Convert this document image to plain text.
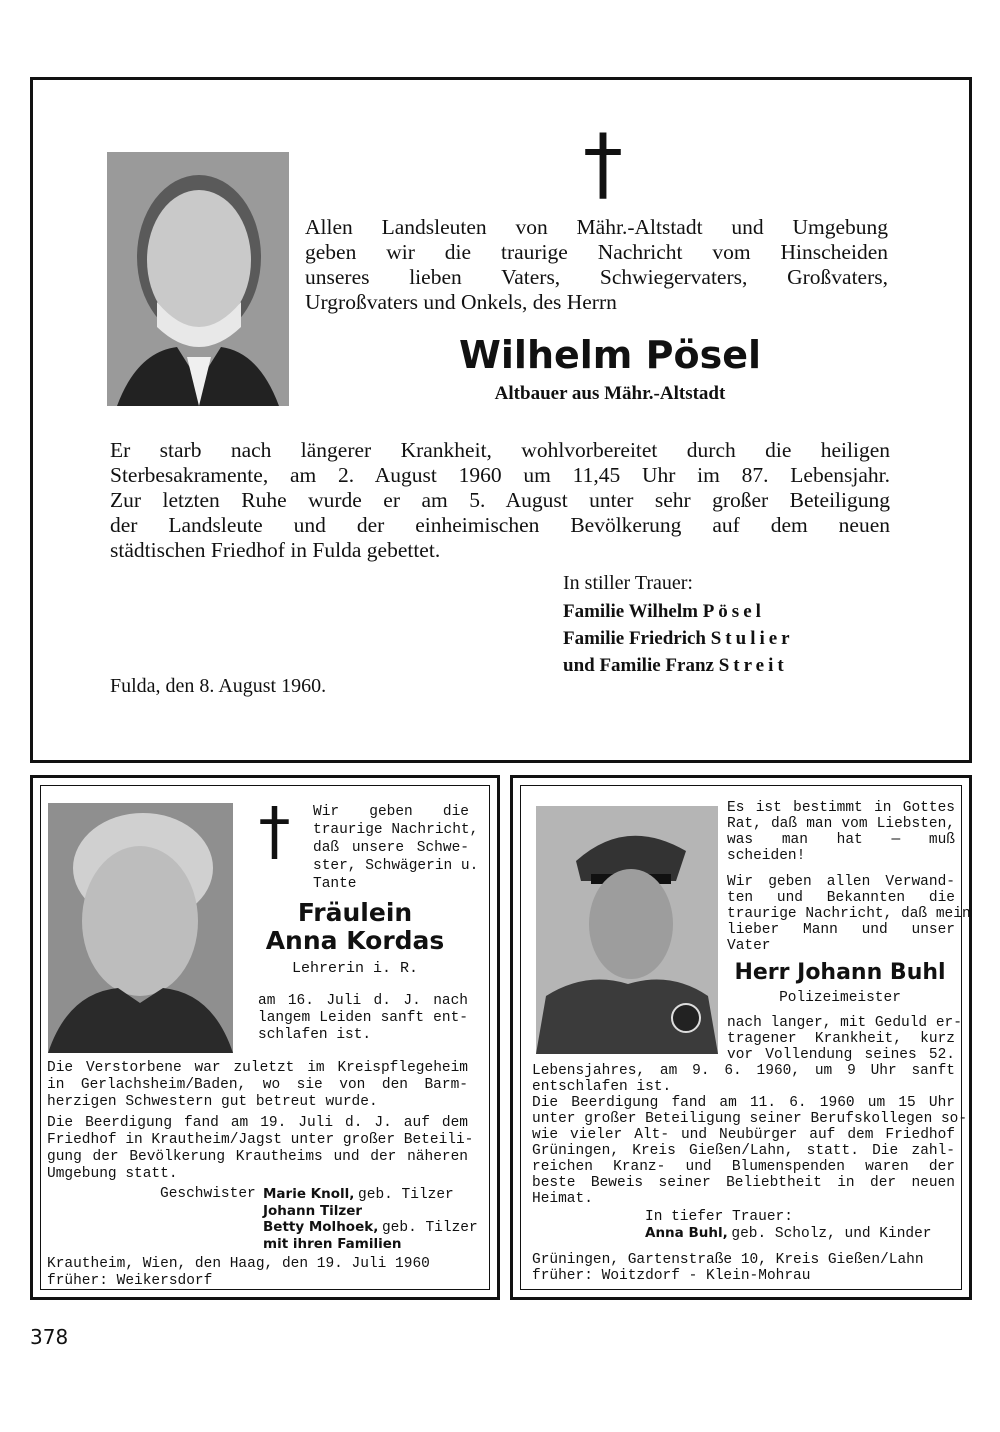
†
Allen Landsleuten von Mähr.-Altstadt und Umgebung
geben wir die traurige Nachricht vom Hinscheiden
unseres lieben Vaters, Schwiegervaters, Großvaters,
Urgroßvaters und Onkels, des Herrn
Wilhelm Pösel
Altbauer aus Mähr.-Altstadt
Er starb nach längerer Krankheit, wohlvorbereitet durch die heiligen
Sterbesakramente, am 2. August 1960 um 11,45 Uhr im 87. Lebensjahr.
Zur letzten Ruhe wurde er am 5. August unter sehr großer Beteiligung
der Landsleute und der einheimischen Bevölkerung auf dem neuen
städtischen Friedhof in Fulda gebettet.
In stiller Trauer:
Familie Wilhelm Pösel
Familie Friedrich Stulier
und Familie Franz Streit
Fulda, den 8. August 1960.
†	Wir geben die
traurige Nachricht,
daß unsere Schwe-
ster, Schwägerin u.
Tante
Fräulein
Anna Kordas
Lehrerin i. R.
am 16. Juli d. J. nach
langem Leiden sanft ent-
schlafen ist.
Die Verstorbene war zuletzt im Kreispflegeheim
in Gerlachsheim/Baden, wo sie von den Barm-
herzigen Schwestern gut betreut wurde.
Die Beerdigung fand am 19. Juli d. J. auf dem
Friedhof in Krautheim/Jagst unter großer Beteili-
gung der Bevölkerung Krautheims und der näheren
Umgebung statt.
Geschwister Marie Knoll, geb. Tilzer
Johann Tilzer
Betty Molhoek, geb. Tilzer
mit ihren Familien
Krautheim, Wien, den Haag, den 19. Juli 1960
früher: Weikersdorf
Es ist bestimmt in Gottes
Rat, daß man vom Liebsten,
was man hat — muß
scheiden!
Wir geben allen Verwand-
ten und Bekannten die
traurige Nachricht, daß mein
lieber Mann und unser
Vater
Herr Johann Buhl
Polizeimeister
nach langer, mit Geduld er-
tragener Krankheit, kurz
vor Vollendung seines 52.
Lebensjahres, am 9. 6. 1960, um 9 Uhr sanft
entschlafen ist.
Die Beerdigung fand am 11. 6. 1960 um 15 Uhr
unter großer Beteiligung seiner Berufskollegen so-
wie vieler Alt- und Neubürger auf dem Friedhof
Grüningen, Kreis Gießen/Lahn, statt. Die zahl-
reichen Kranz- und Blumenspenden waren der
beste Beweis seiner Beliebtheit in der neuen
Heimat.
In tiefer Trauer:
Anna Buhl, geb. Scholz, und Kinder
Grüningen, Gartenstraße 10, Kreis Gießen/Lahn
früher: Woitzdorf - Klein-Mohrau
378
